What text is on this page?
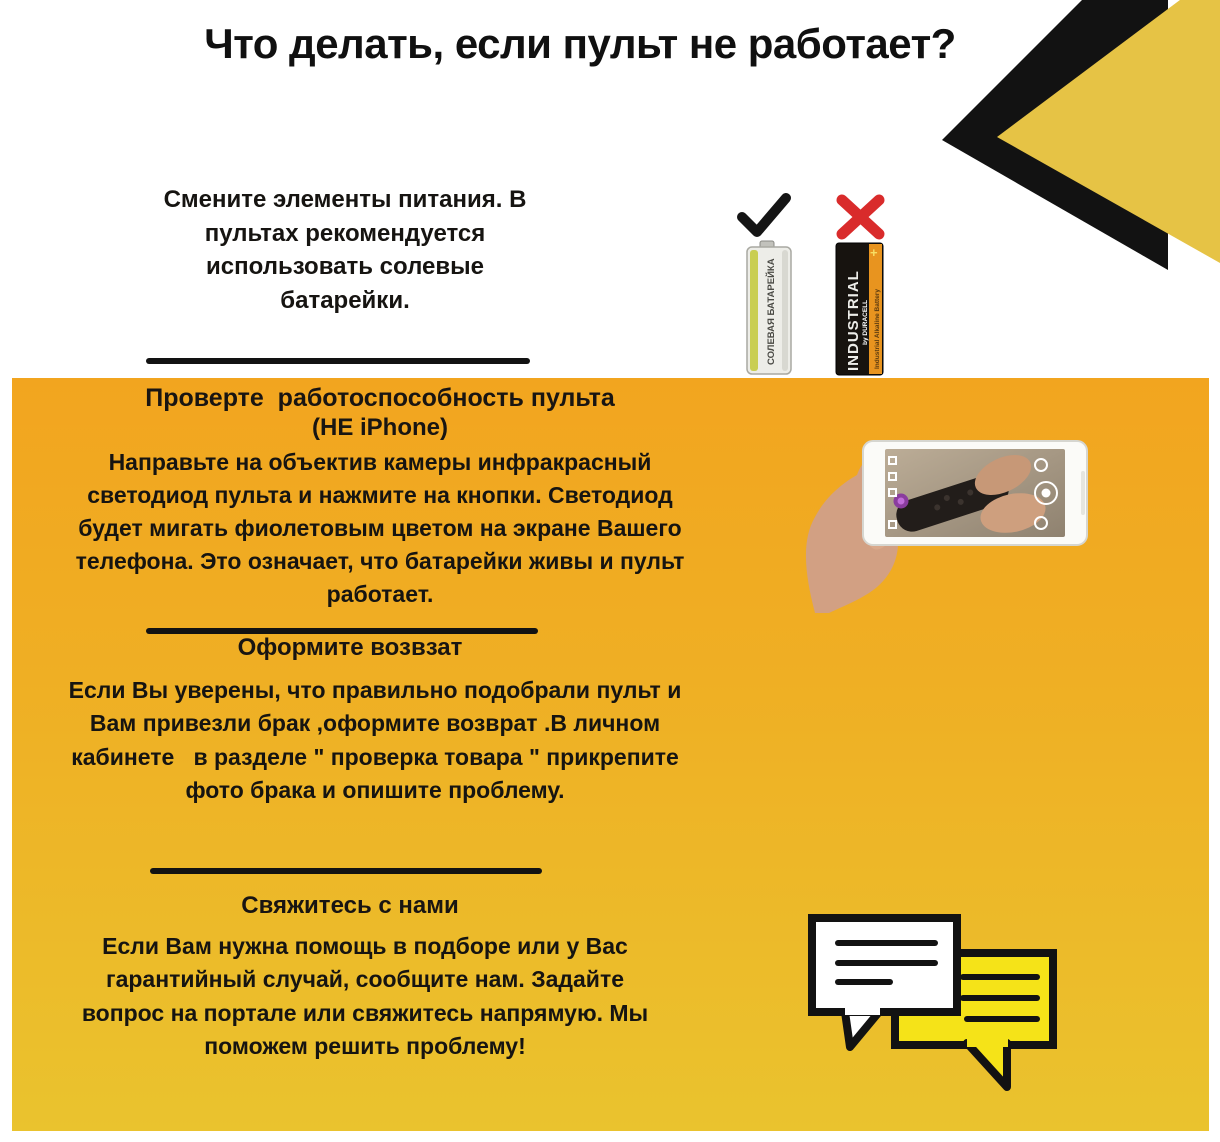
Что делать, если пульт не работает?
Смените элементы питания. В пультах рекомендуется использовать солевые батарейки.	СОЛЕВАЯ БАТАРЕЙКА
+
INDUSTRIAL by DURACELL Industrial Alkaline Battery
Проверте  работоспособность пульта
(НЕ iPhone)
Направьте на объектив камеры инфракрасный светодиод пульта и нажмите на кнопки. Светодиод будет мигать фиолетовым цветом на экране Вашего телефона. Это означает, что батарейки живы и пульт работает.
Оформите возвзат
Если Вы уверены, что правильно подобрали пульт и Вам привезли брак ,оформите возврат .В личном кабинете   в разделе " проверка товара " прикрепите фото брака и опишите проблему.
Свяжитесь с нами
Если Вам нужна помощь в подборе или у Вас гарантийный случай, сообщите нам. Задайте вопрос на портале или свяжитесь напрямую. Мы поможем решить проблему!
